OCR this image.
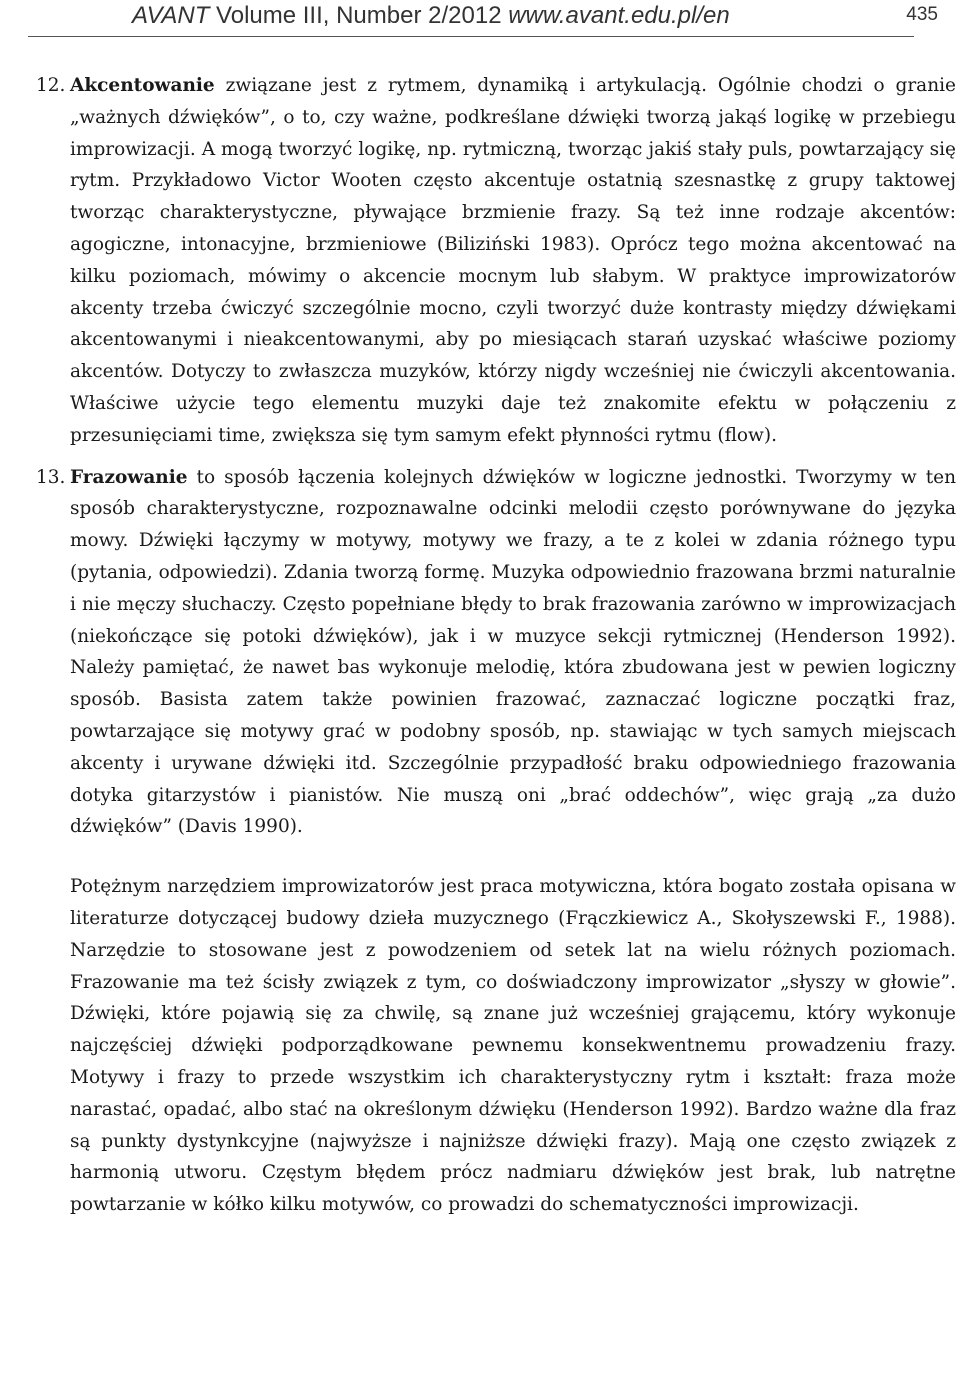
AVANT Volume III, Number 2/2012 www.avant.edu.pl/en	435
12. Akcentowanie związane jest z rytmem, dynamiką i artykulacją. Ogólnie chodzi o granie „ważnych dźwięków”, o to, czy ważne, podkreślane dźwięki tworzą jakąś logikę w przebiegu improwizacji. A mogą tworzyć logikę, np. rytmiczną, tworząc jakiś stały puls, powtarzający się rytm. Przykładowo Victor Wooten często akcentuje ostatnią szesnastkę z grupy taktowej tworząc charakterystyczne, pływające brzmienie frazy. Są też inne rodzaje akcentów: agogiczne, intonacyjne, brzmieniowe (Biliziński 1983). Oprócz tego można akcentować na kilku poziomach, mówimy o akcencie mocnym lub słabym. W praktyce improwizatorów akcenty trzeba ćwiczyć szczególnie mocno, czyli tworzyć duże kontrasty między dźwiękami akcentowanymi i nieakcentowanymi, aby po miesiącach starań uzyskać właściwe poziomy akcentów. Dotyczy to zwłaszcza muzyków, którzy nigdy wcześniej nie ćwiczyli akcentowania. Właściwe użycie tego elementu muzyki daje też znakomite efektu w połączeniu z przesunięciami time, zwiększa się tym samym efekt płynności rytmu (flow).

13. Frazowanie to sposób łączenia kolejnych dźwięków w logiczne jednostki. Tworzymy w ten sposób charakterystyczne, rozpoznawalne odcinki melodii często porównywane do języka mowy. Dźwięki łączymy w motywy, motywy we frazy, a te z kolei w zdania różnego typu (pytania, odpowiedzi). Zdania tworzą formę. Muzyka odpowiednio frazowana brzmi naturalnie i nie męczy słuchaczy. Często popełniane błędy to brak frazowania zarówno w improwizacjach (niekończące się potoki dźwięków), jak i w muzyce sekcji rytmicznej (Henderson 1992). Należy pamiętać, że nawet bas wykonuje melodię, która zbudowana jest w pewien logiczny sposób. Basista zatem także powinien frazować, zaznaczać logiczne początki fraz, powtarzające się motywy grać w podobny sposób, np. stawiając w tych samych miejscach akcenty i urywane dźwięki itd. Szczególnie przypadłość braku odpowiedniego frazowania dotyka gitarzystów i pianistów. Nie muszą oni „brać oddechów”, więc grają „za dużo dźwięków” (Davis 1990).

Potężnym narzędziem improwizatorów jest praca motywiczna, która bogato została opisana w literaturze dotyczącej budowy dzieła muzycznego (Frączkiewicz A., Skołyszewski F., 1988). Narzędzie to stosowane jest z powodzeniem od setek lat na wielu różnych poziomach. Frazowanie ma też ścisły związek z tym, co doświadczony improwizator „słyszy w głowie”. Dźwięki, które pojawią się za chwilę, są znane już wcześniej grającemu, który wykonuje najczęściej dźwięki podporządkowane pewnemu konsekwentnemu prowadzeniu frazy. Motywy i frazy to przede wszystkim ich charakterystyczny rytm i kształt: fraza może narastać, opadać, albo stać na określonym dźwięku (Henderson 1992). Bardzo ważne dla fraz są punkty dystynkcyjne (najwyższe i najniższe dźwięki frazy). Mają one często związek z harmonią utworu. Częstym błędem prócz nadmiaru dźwięków jest brak, lub natrętne powtarzanie w kółko kilku motywów, co prowadzi do schematyczności improwizacji.
